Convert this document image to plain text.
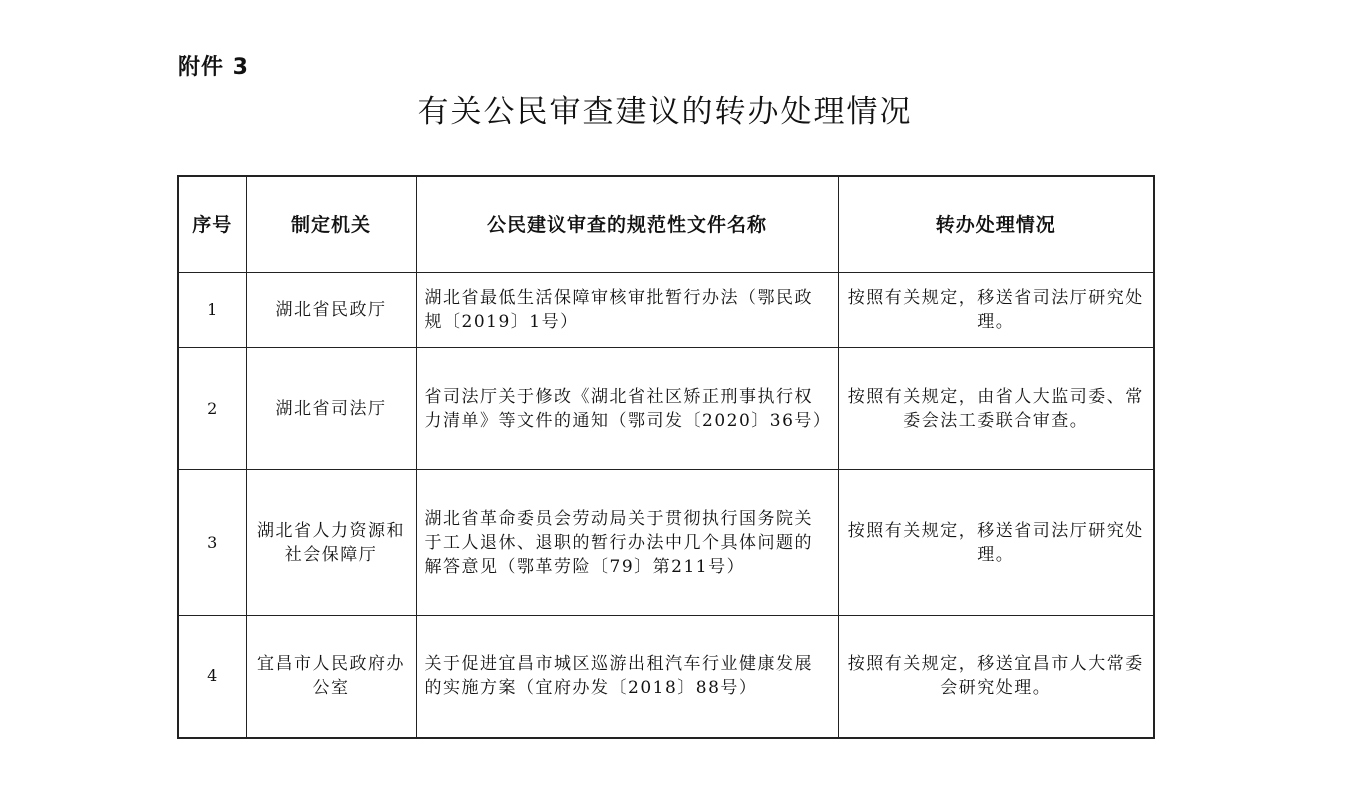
附件 3
有关公民审查建议的转办处理情况
序号	制定机关	公民建议审查的规范性文件名称	转办处理情况
1	湖北省民政厅	湖北省最低生活保障审核审批暂行办法（鄂民政规〔2019〕1号）	按照有关规定，移送省司法厅研究处理。
2	湖北省司法厅	省司法厅关于修改《湖北省社区矫正刑事执行权力清单》等文件的通知（鄂司发〔2020〕36号）	按照有关规定，由省人大监司委、常委会法工委联合审查。
3	湖北省人力资源和社会保障厅	湖北省革命委员会劳动局关于贯彻执行国务院关于工人退休、退职的暂行办法中几个具体问题的解答意见（鄂革劳险〔79〕第211号）	按照有关规定，移送省司法厅研究处理。
4	宜昌市人民政府办公室	关于促进宜昌市城区巡游出租汽车行业健康发展的实施方案（宜府办发〔2018〕88号）	按照有关规定，移送宜昌市人大常委会研究处理。
